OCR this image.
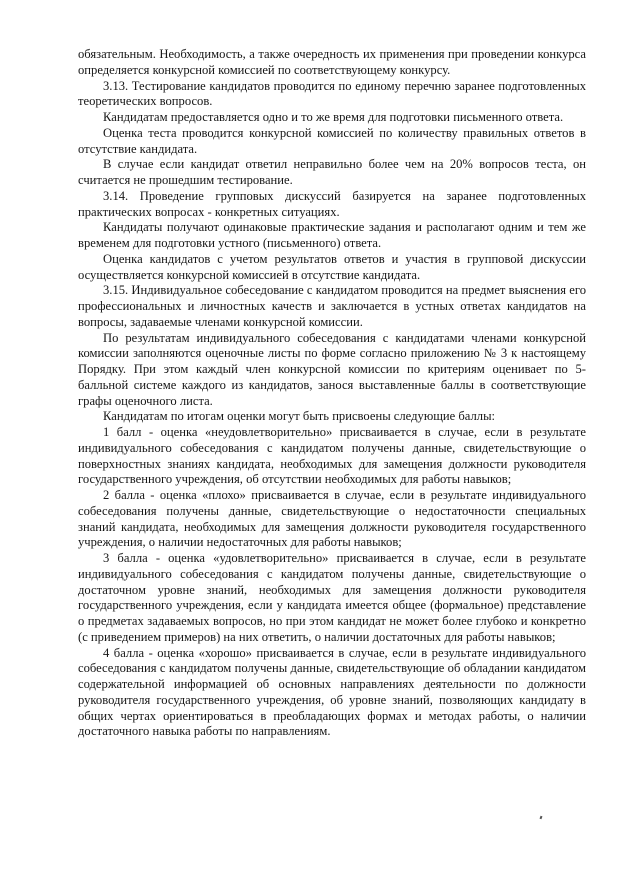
обязательным. Необходимость, а также очередность их применения при проведении конкурса определяется конкурсной комиссией по соответствующему конкурсу.

3.13. Тестирование кандидатов проводится по единому перечню заранее подготовленных теоретических вопросов.

Кандидатам предоставляется одно и то же время для подготовки письменного ответа.

Оценка теста проводится конкурсной комиссией по количеству правильных ответов в отсутствие кандидата.

В случае если кандидат ответил неправильно более чем на 20% вопросов теста, он считается не прошедшим тестирование.

3.14. Проведение групповых дискуссий базируется на заранее подготовленных практических вопросах - конкретных ситуациях.

Кандидаты получают одинаковые практические задания и располагают одним и тем же временем для подготовки устного (письменного) ответа.

Оценка кандидатов с учетом результатов ответов и участия в групповой дискуссии осуществляется конкурсной комиссией в отсутствие кандидата.

3.15. Индивидуальное собеседование с кандидатом проводится на предмет выяснения его профессиональных и личностных качеств и заключается в устных ответах кандидатов на вопросы, задаваемые членами конкурсной комиссии.

По результатам индивидуального собеседования с кандидатами членами конкурсной комиссии заполняются оценочные листы по форме согласно приложению № 3 к настоящему Порядку. При этом каждый член конкурсной комиссии по критериям оценивает по 5-балльной системе каждого из кандидатов, занося выставленные баллы в соответствующие графы оценочного листа.

Кандидатам по итогам оценки могут быть присвоены следующие баллы:

1 балл - оценка «неудовлетворительно» присваивается в случае, если в результате индивидуального собеседования с кандидатом получены данные, свидетельствующие о поверхностных знаниях кандидата, необходимых для замещения должности руководителя государственного учреждения, об отсутствии необходимых для работы навыков;

2 балла - оценка «плохо» присваивается в случае, если в результате индивидуального собеседования получены данные, свидетельствующие о недостаточности специальных знаний кандидата, необходимых для замещения должности руководителя государственного учреждения, о наличии недостаточных для работы навыков;

3 балла - оценка «удовлетворительно» присваивается в случае, если в результате индивидуального собеседования с кандидатом получены данные, свидетельствующие о достаточном уровне знаний, необходимых для замещения должности руководителя государственного учреждения, если у кандидата имеется общее (формальное) представление о предметах задаваемых вопросов, но при этом кандидат не может более глубоко и конкретно (с приведением примеров) на них ответить, о наличии достаточных для работы навыков;

4 балла - оценка «хорошо» присваивается в случае, если в результате индивидуального собеседования с кандидатом получены данные, свидетельствующие об обладании кандидатом содержательной информацией об основных направлениях деятельности по должности руководителя государственного учреждения, об уровне знаний, позволяющих кандидату в общих чертах ориентироваться в преобладающих формах и методах работы, о наличии достаточного навыка работы по направлениям.
